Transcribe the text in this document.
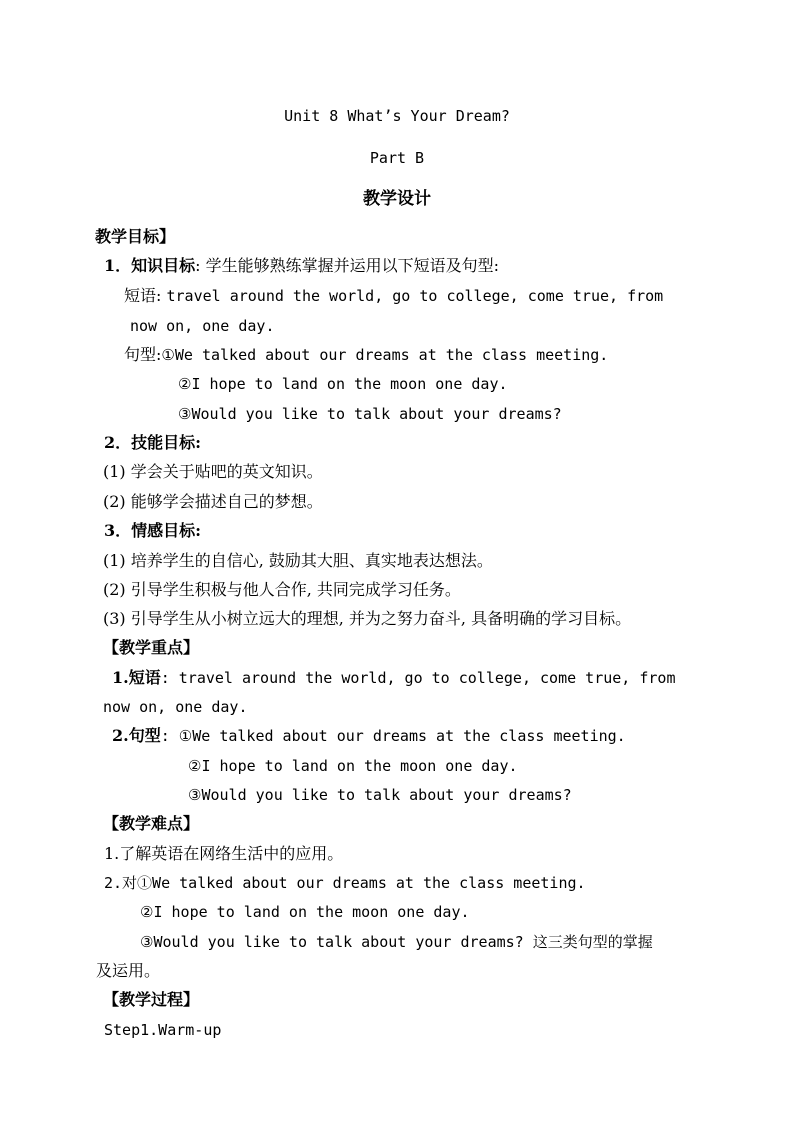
Unit 8 What’s Your Dream?
Part B
教学设计
教学目标】
1．知识目标: 学生能够熟练掌握并运用以下短语及句型:
短语: travel around the world, go to college, come true, from
now on, one day.
句型:①We talked about our dreams at the class meeting.
②I hope to land on the moon one day.
③Would you like to talk about your dreams?
2．技能目标:
(1) 学会关于贴吧的英文知识。
(2) 能够学会描述自己的梦想。
3．情感目标:
(1) 培养学生的自信心, 鼓励其大胆、真实地表达想法。
(2) 引导学生积极与他人合作, 共同完成学习任务。
(3) 引导学生从小树立远大的理想, 并为之努力奋斗, 具备明确的学习目标。
【教学重点】
1.短语: travel around the world, go to college, come true, from
now on, one day.
2.句型: ①We talked about our dreams at the class meeting.
②I hope to land on the moon one day.
③Would you like to talk about your dreams?
【教学难点】
1.了解英语在网络生活中的应用。
2.对①We talked about our dreams at the class meeting.
②I hope to land on the moon one day.
③Would you like to talk about your dreams? 这三类句型的掌握
及运用。
【教学过程】
Step1.Warm-up
